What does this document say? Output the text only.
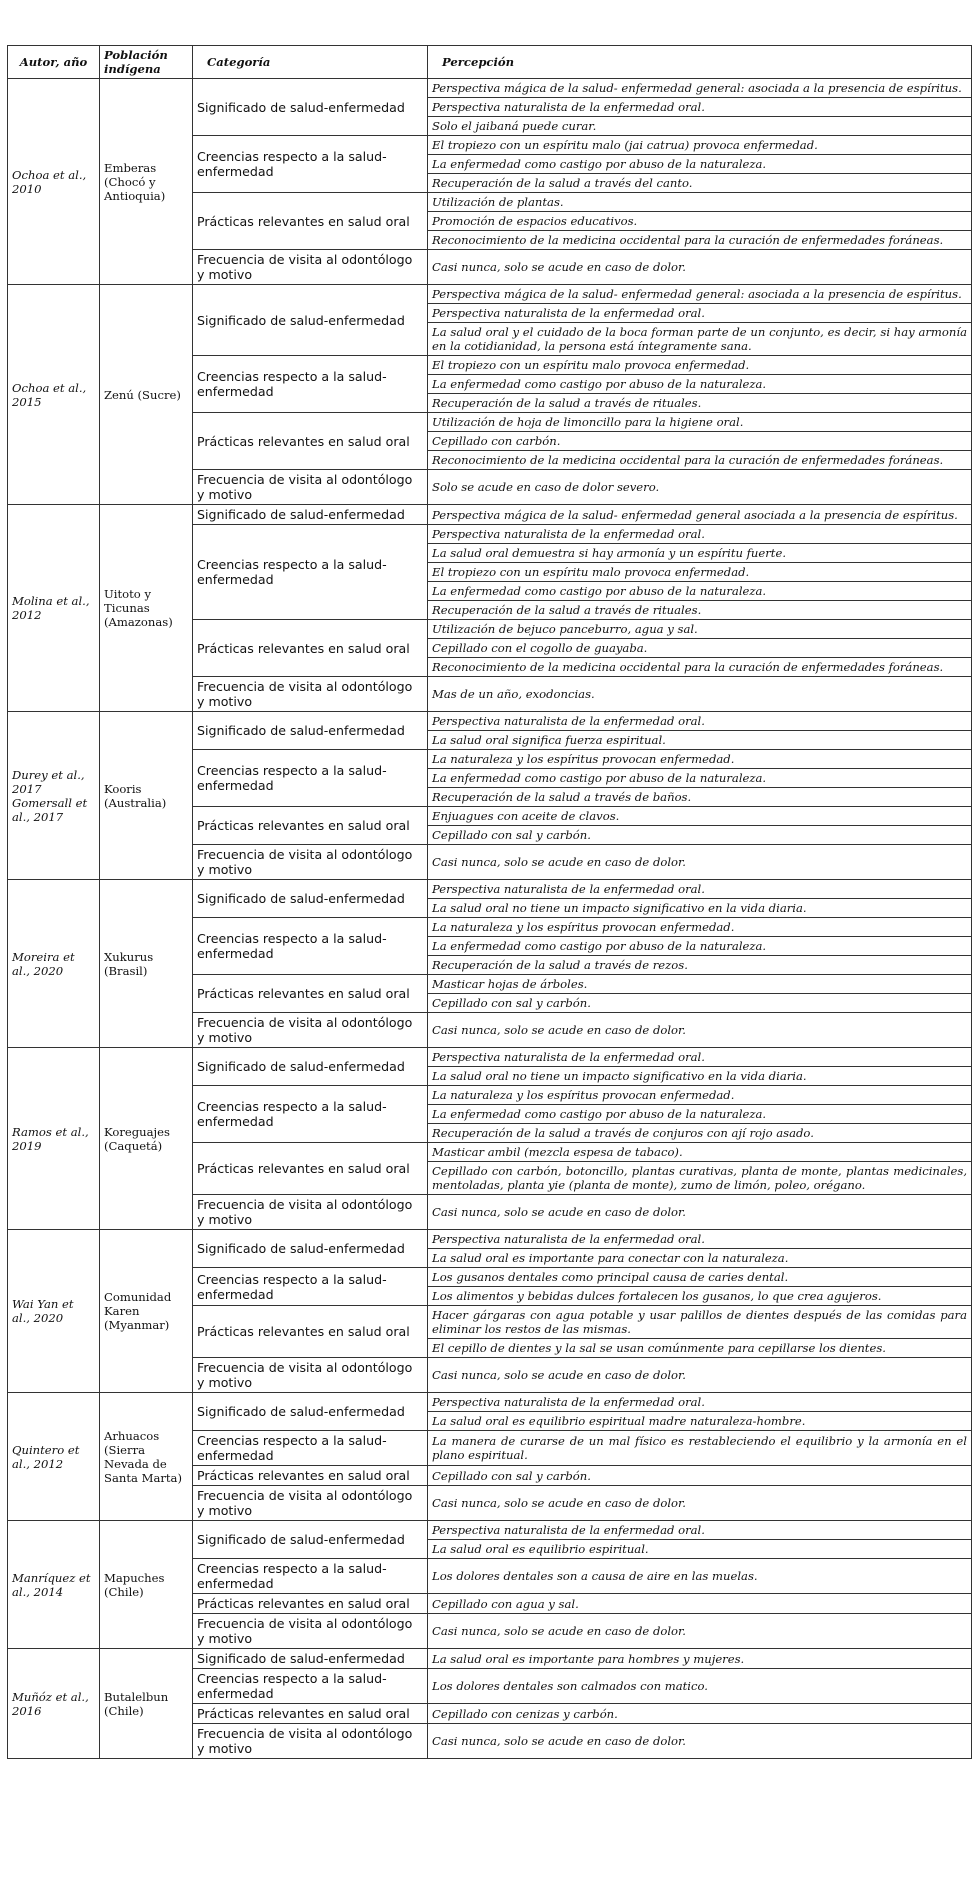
Autor, año	Población indígena	Categoría	Percepción
Ochoa et al., 2010	Emberas (Chocó y Antioquia)	Significado de salud-enfermedad	Perspectiva mágica de la salud- enfermedad general: asociada a la presencia de espíritus.
			Perspectiva naturalista de la enfermedad oral.
			Solo el jaibaná puede curar.
		Creencias respecto a la salud-enfermedad	El tropiezo con un espíritu malo (jai catrua) provoca enfermedad.
			La enfermedad como castigo por abuso de la naturaleza.
			Recuperación de la salud a través del canto.
		Prácticas relevantes en salud oral	Utilización de plantas.
			Promoción de espacios educativos.
			Reconocimiento de la medicina occidental para la curación de enfermedades foráneas.
		Frecuencia de visita al odontólogo y motivo	Casi nunca, solo se acude en caso de dolor.
Ochoa et al., 2015	Zenú (Sucre)	Significado de salud-enfermedad	Perspectiva mágica de la salud- enfermedad general: asociada a la presencia de espíritus.
			Perspectiva naturalista de la enfermedad oral.
			La salud oral y el cuidado de la boca forman parte de un conjunto, es decir, si hay armonía en la cotidianidad, la persona está íntegramente sana.
		Creencias respecto a la salud-enfermedad	El tropiezo con un espíritu malo provoca enfermedad.
			La enfermedad como castigo por abuso de la naturaleza.
			Recuperación de la salud a través de rituales.
		Prácticas relevantes en salud oral	Utilización de hoja de limoncillo para la higiene oral.
			Cepillado con carbón.
			Reconocimiento de la medicina occidental para la curación de enfermedades foráneas.
		Frecuencia de visita al odontólogo y motivo	Solo se acude en caso de dolor severo.
Molina et al., 2012	Uitoto y Ticunas (Amazonas)	Significado de salud-enfermedad	Perspectiva mágica de la salud- enfermedad general asociada a la presencia de espíritus.
		Creencias respecto a la salud-enfermedad	Perspectiva naturalista de la enfermedad oral.
			La salud oral demuestra si hay armonía y un espíritu fuerte.
			El tropiezo con un espíritu malo provoca enfermedad.
			La enfermedad como castigo por abuso de la naturaleza.
			Recuperación de la salud a través de rituales.
		Prácticas relevantes en salud oral	Utilización de bejuco panceburro, agua y sal.
			Cepillado con el cogollo de guayaba.
			Reconocimiento de la medicina occidental para la curación de enfermedades foráneas.
		Frecuencia de visita al odontólogo y motivo	Mas de un año, exodoncias.
Durey et al., 2017 Gomersall et al., 2017	Kooris (Australia)	Significado de salud-enfermedad	Perspectiva naturalista de la enfermedad oral.
			La salud oral significa fuerza espiritual.
		Creencias respecto a la salud-enfermedad	La naturaleza y los espíritus provocan enfermedad.
			La enfermedad como castigo por abuso de la naturaleza.
			Recuperación de la salud a través de baños.
		Prácticas relevantes en salud oral	Enjuagues con aceite de clavos.
			Cepillado con sal y carbón.
		Frecuencia de visita al odontólogo y motivo	Casi nunca, solo se acude en caso de dolor.
Moreira et al., 2020	Xukurus (Brasil)	Significado de salud-enfermedad	Perspectiva naturalista de la enfermedad oral.
			La salud oral no tiene un impacto significativo en la vida diaria.
		Creencias respecto a la salud-enfermedad	La naturaleza y los espíritus provocan enfermedad.
			La enfermedad como castigo por abuso de la naturaleza.
			Recuperación de la salud a través de rezos.
		Prácticas relevantes en salud oral	Masticar hojas de árboles.
			Cepillado con sal y carbón.
		Frecuencia de visita al odontólogo y motivo	Casi nunca, solo se acude en caso de dolor.
Ramos et al., 2019	Koreguajes (Caquetá)	Significado de salud-enfermedad	Perspectiva naturalista de la enfermedad oral.
			La salud oral no tiene un impacto significativo en la vida diaria.
		Creencias respecto a la salud-enfermedad	La naturaleza y los espíritus provocan enfermedad.
			La enfermedad como castigo por abuso de la naturaleza.
			Recuperación de la salud a través de conjuros con ají rojo asado.
		Prácticas relevantes en salud oral	Masticar ambil (mezcla espesa de tabaco).
			Cepillado con carbón, botoncillo, plantas curativas, planta de monte, plantas medicinales, mentoladas, planta yie (planta de monte), zumo de limón, poleo, orégano.
		Frecuencia de visita al odontólogo y motivo	Casi nunca, solo se acude en caso de dolor.
Wai Yan et al., 2020	Comunidad Karen (Myanmar)	Significado de salud-enfermedad	Perspectiva naturalista de la enfermedad oral.
			La salud oral es importante para conectar con la naturaleza.
		Creencias respecto a la salud-enfermedad	Los gusanos dentales como principal causa de caries dental.
			Los alimentos y bebidas dulces fortalecen los gusanos, lo que crea agujeros.
		Prácticas relevantes en salud oral	Hacer gárgaras con agua potable y usar palillos de dientes después de las comidas para eliminar los restos de las mismas.
			El cepillo de dientes y la sal se usan comúnmente para cepillarse los dientes.
		Frecuencia de visita al odontólogo y motivo	Casi nunca, solo se acude en caso de dolor.
Quintero et al., 2012	Arhuacos (Sierra Nevada de Santa Marta)	Significado de salud-enfermedad	Perspectiva naturalista de la enfermedad oral.
			La salud oral es equilibrio espiritual madre naturaleza-hombre.
		Creencias respecto a la salud-enfermedad	La manera de curarse de un mal físico es restableciendo el equilibrio y la armonía en el plano espiritual.
		Prácticas relevantes en salud oral	Cepillado con sal y carbón.
		Frecuencia de visita al odontólogo y motivo	Casi nunca, solo se acude en caso de dolor.
Manríquez et al., 2014	Mapuches (Chile)	Significado de salud-enfermedad	Perspectiva naturalista de la enfermedad oral.
			La salud oral es equilibrio espiritual.
		Creencias respecto a la salud-enfermedad	Los dolores dentales son a causa de aire en las muelas.
		Prácticas relevantes en salud oral	Cepillado con agua y sal.
		Frecuencia de visita al odontólogo y motivo	Casi nunca, solo se acude en caso de dolor.
Muñóz et al., 2016	Butalelbun (Chile)	Significado de salud-enfermedad	La salud oral es importante para hombres y mujeres.
		Creencias respecto a la salud-enfermedad	Los dolores dentales son calmados con matico.
		Prácticas relevantes en salud oral	Cepillado con cenizas y carbón.
		Frecuencia de visita al odontólogo y motivo	Casi nunca, solo se acude en caso de dolor.
